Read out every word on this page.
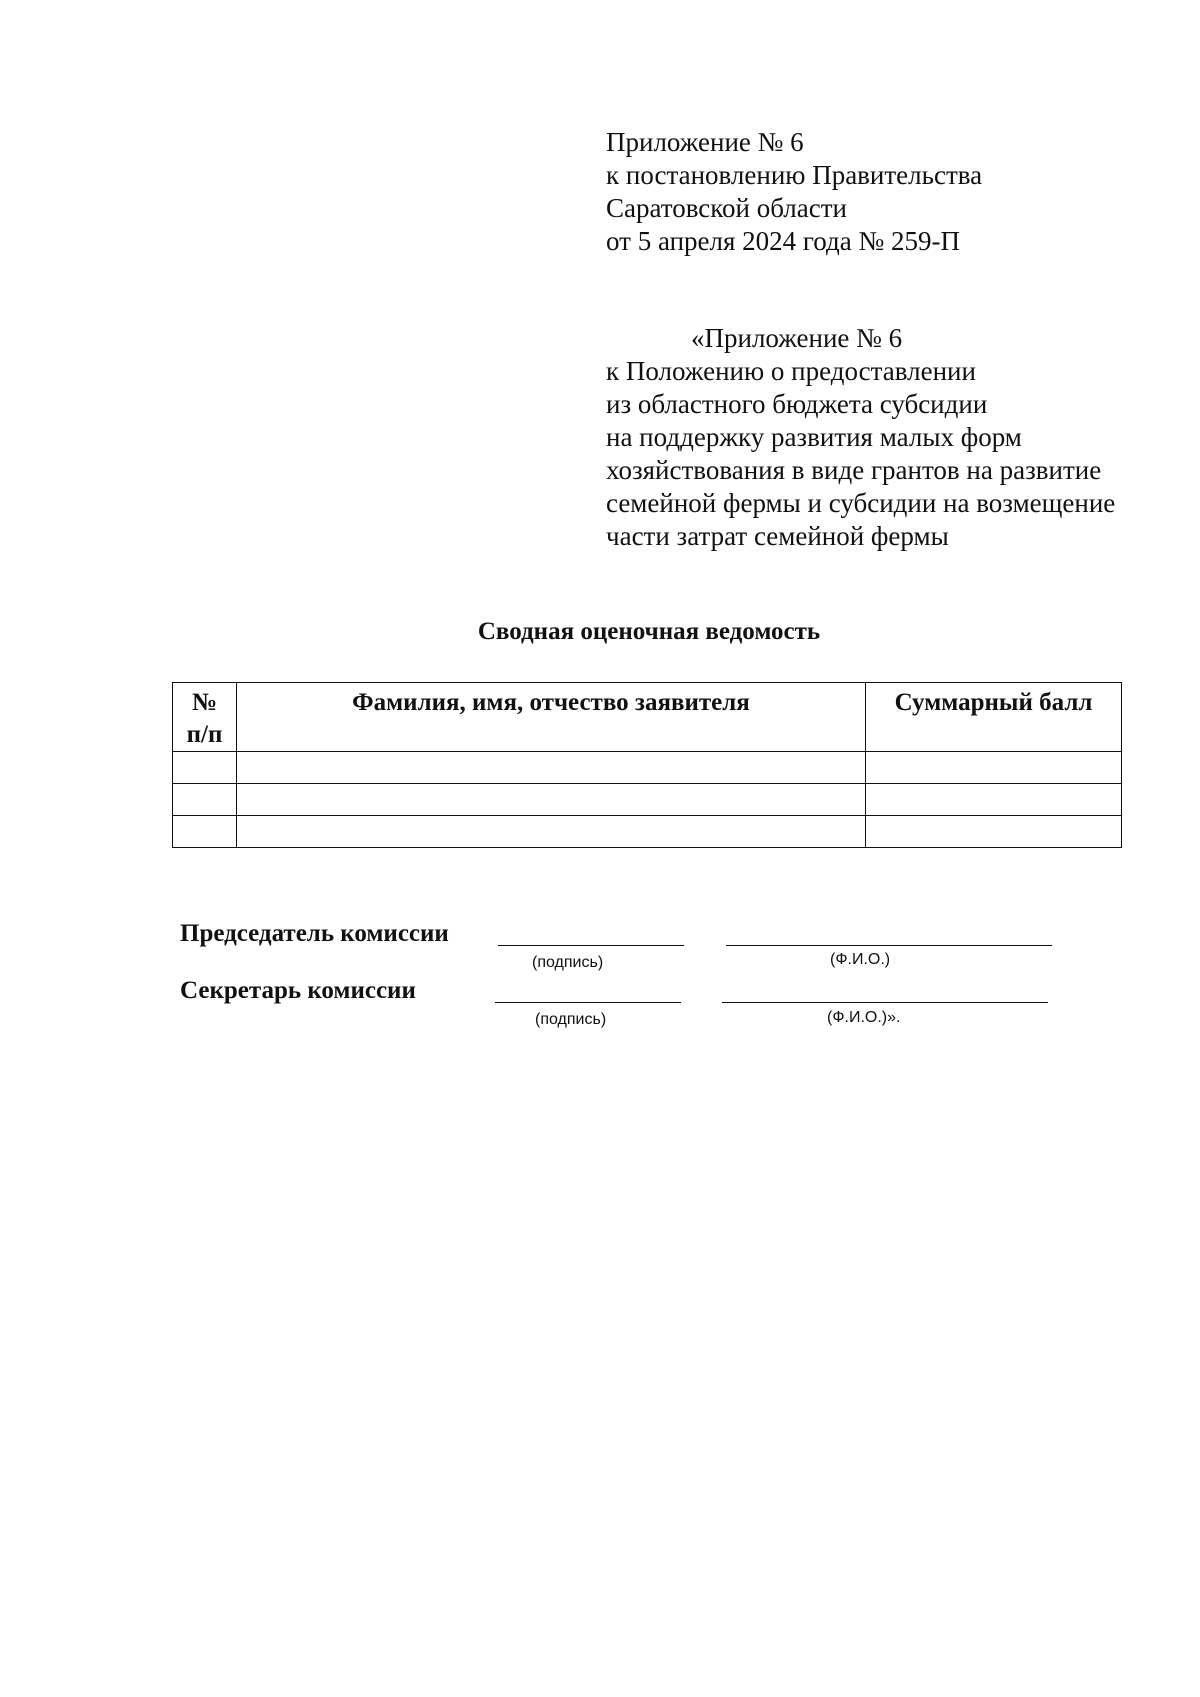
Приложение № 6
к постановлению Правительства
Саратовской области
от 5 апреля 2024 года № 259-П
«Приложение № 6
к Положению о предоставлении
из областного бюджета субсидии
на поддержку развития малых форм
хозяйствования в виде грантов на развитие
семейной фермы и субсидии на возмещение
части затрат семейной фермы
Сводная оценочная ведомость
№
п/п	Фамилия, имя, отчество заявителя	Суммарный балл

Председатель комиссии
(подпись)	(Ф.И.О.)
Секретарь комиссии
(подпись)	(Ф.И.О.)».
